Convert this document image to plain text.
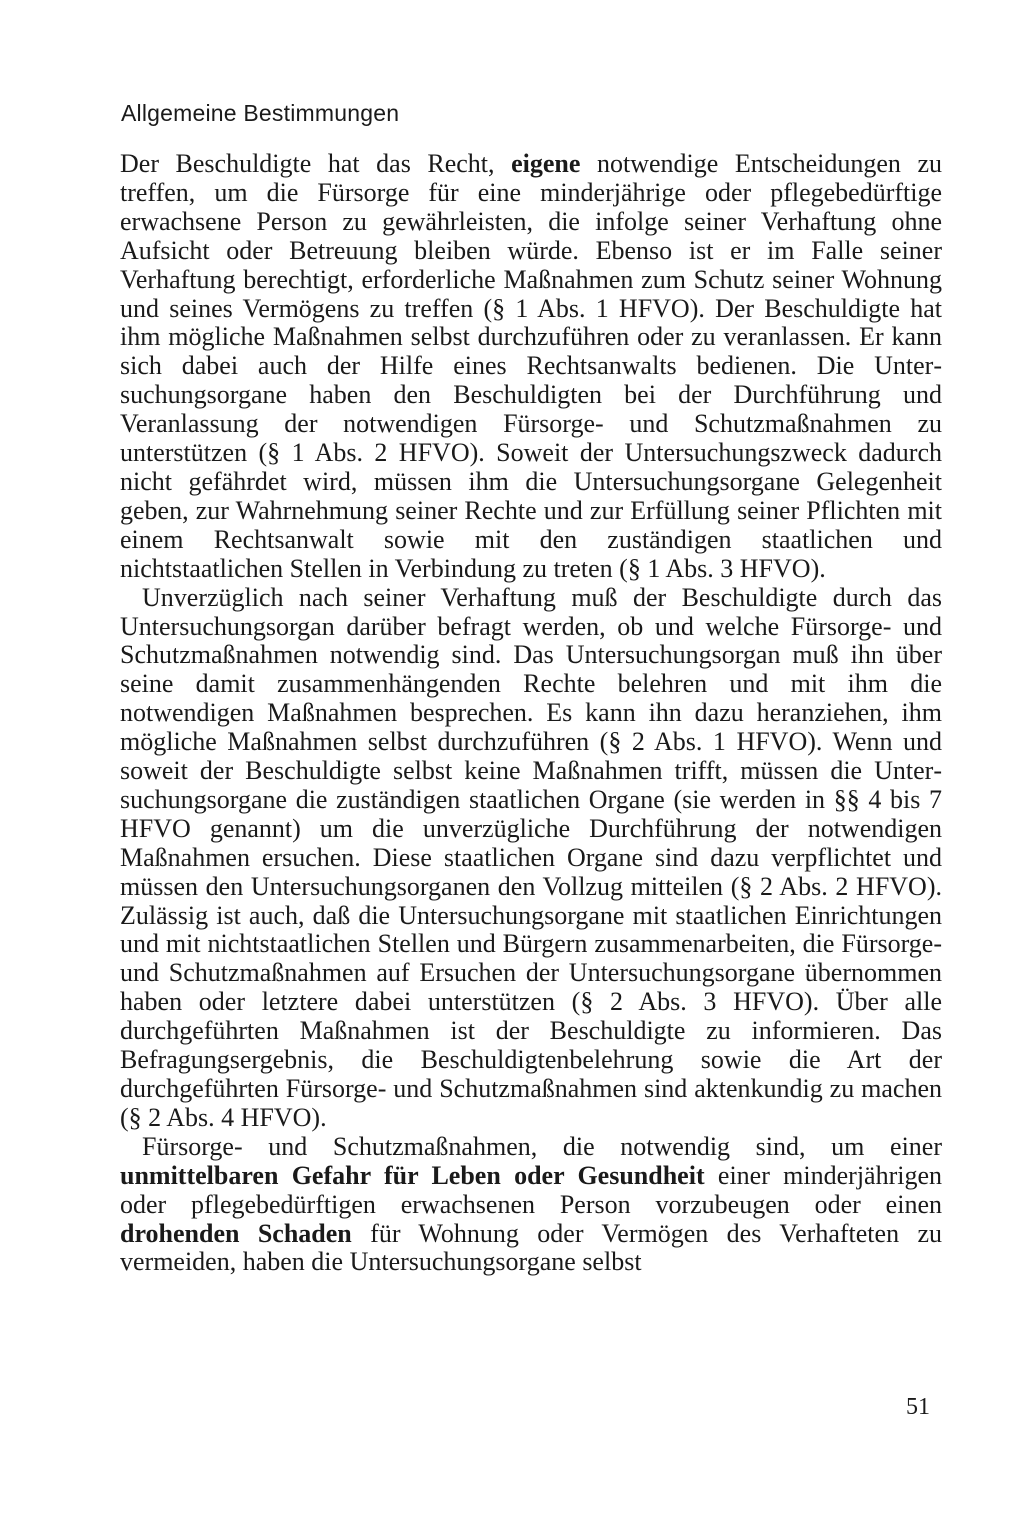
Allgemeine Bestimmungen

Der Beschuldigte hat das Recht, eigene notwendige Entscheidungen zu treffen, um die Fürsorge für eine minderjährige oder pflegebedürftige erwachsene Person zu gewährleisten, die infolge seiner Verhaftung ohne Aufsicht oder Betreuung bleiben würde. Ebenso ist er im Falle seiner Verhaftung berechtigt, erforderliche Maßnahmen zum Schutz seiner Wohnung und seines Vermögens zu treffen (§ 1 Abs. 1 HFVO). Der Beschuldigte hat ihm mögliche Maßnahmen selbst durchzuführen oder zu veranlassen. Er kann sich dabei auch der Hilfe eines Rechtsanwalts bedienen. Die Untersuchungsorgane haben den Beschuldigten bei der Durchführung und Veranlassung der notwendigen Fürsorge- und Schutzmaßnahmen zu unterstützen (§ 1 Abs. 2 HFVO). Soweit der Untersuchungszweck dadurch nicht gefährdet wird, müssen ihm die Untersuchungsorgane Gelegenheit geben, zur Wahrnehmung seiner Rechte und zur Erfüllung seiner Pflichten mit einem Rechtsanwalt sowie mit den zuständigen staatlichen und nichtstaatlichen Stellen in Verbindung zu treten (§ 1 Abs. 3 HFVO).

Unverzüglich nach seiner Verhaftung muß der Beschuldigte durch das Untersuchungsorgan darüber befragt werden, ob und welche Fürsorge- und Schutzmaßnahmen notwendig sind. Das Untersuchungsorgan muß ihn über seine damit zusammenhängenden Rechte belehren und mit ihm die notwendigen Maßnahmen besprechen. Es kann ihn dazu heranziehen, ihm mögliche Maßnahmen selbst durchzuführen (§ 2 Abs. 1 HFVO). Wenn und soweit der Beschuldigte selbst keine Maßnahmen trifft, müssen die Untersuchungsorgane die zuständigen staatlichen Organe (sie werden in §§ 4 bis 7 HFVO genannt) um die unverzügliche Durchführung der notwendigen Maßnahmen ersuchen. Diese staatlichen Organe sind dazu verpflichtet und müssen den Untersuchungsorganen den Vollzug mitteilen (§ 2 Abs. 2 HFVO). Zulässig ist auch, daß die Untersuchungsorgane mit staatlichen Einrichtungen und mit nichtstaatlichen Stellen und Bürgern zusammenarbeiten, die Fürsorge- und Schutzmaßnahmen auf Ersuchen der Untersuchungsorgane übernommen haben oder letztere dabei unterstützen (§ 2 Abs. 3 HFVO). Über alle durchgeführten Maßnahmen ist der Beschuldigte zu informieren. Das Befragungsergebnis, die Beschuldigtenbelehrung sowie die Art der durchgeführten Fürsorge- und Schutzmaßnahmen sind aktenkundig zu machen (§ 2 Abs. 4 HFVO).

Fürsorge- und Schutzmaßnahmen, die notwendig sind, um einer unmittelbaren Gefahr für Leben oder Gesundheit einer minderjährigen oder pflegebedürftigen erwachsenen Person vorzubeugen oder einen drohenden Schaden für Wohnung oder Vermögen des Verhafteten zu vermeiden, haben die Untersuchungsorgane selbst

51
